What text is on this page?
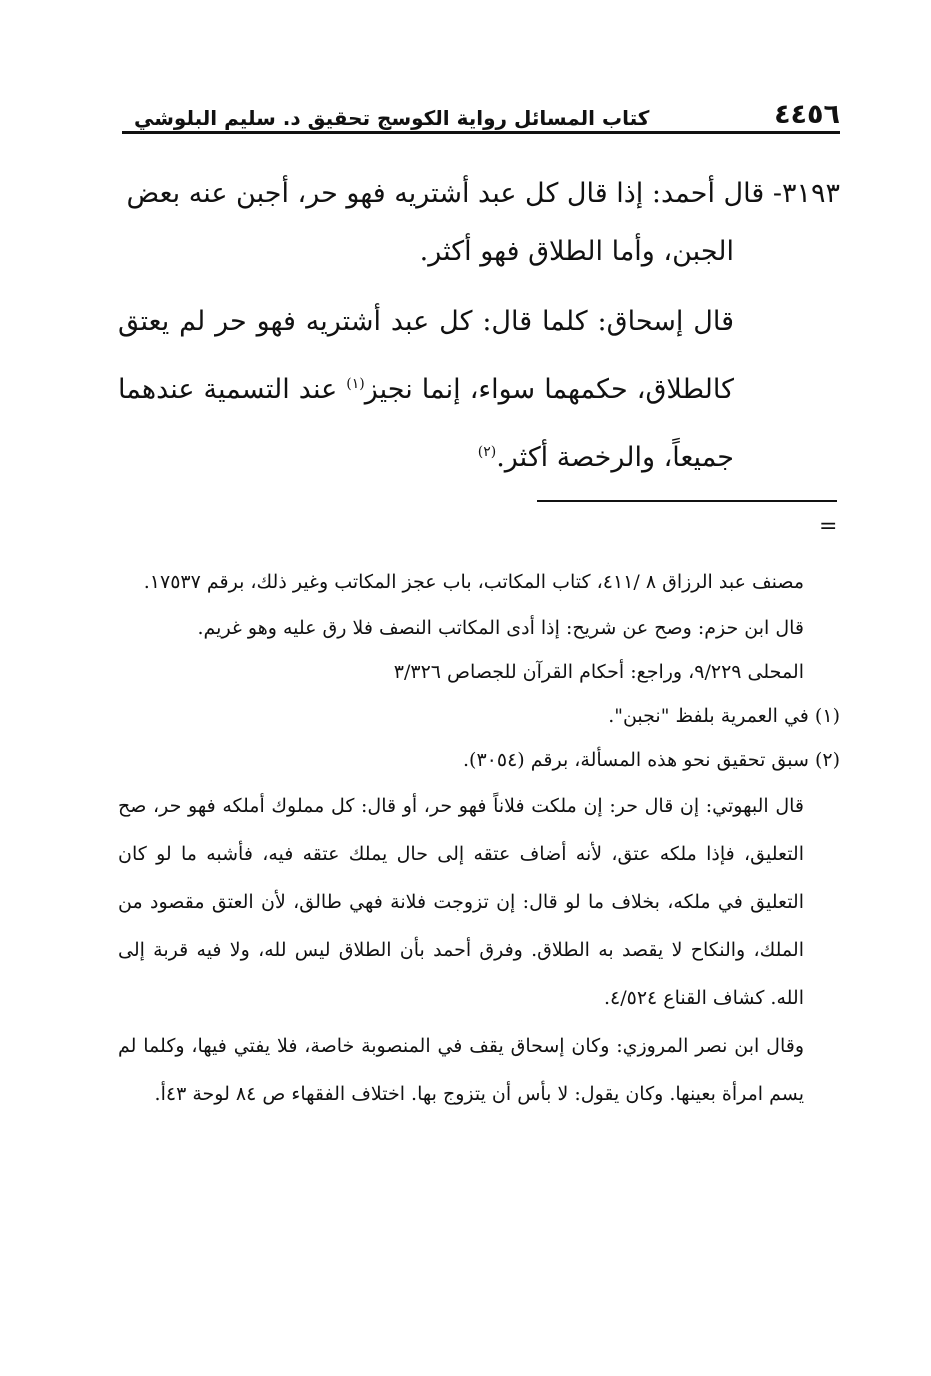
٤٤٥٦
كتاب المسائل رواية الكوسج تحقيق د. سليم البلوشي

٣١٩٣- قال أحمد: إذا قال كل عبد أشتريه فهو حر، أجبن عنه بعض
الجبن، وأما الطلاق فهو أكثر.

قال إسحاق: كلما قال: كل عبد أشتريه فهو حر لم يعتق كالطلاق، حكمهما سواء، إنما نجيز$^{(١)}$ عند التسمية عندهما جميعاً، والرخصة أكثر.$^{(٢)}$

=

مصنف عبد الرزاق ٨ /٤١١، كتاب المكاتب، باب عجز المكاتب وغير ذلك، برقم ١٧٥٣٧.

قال ابن حزم: وصح عن شريح: إذا أدى المكاتب النصف فلا رق عليه وهو غريم.

المحلى ٩/٢٢٩، وراجع: أحكام القرآن للجصاص ٣/٣٢٦

(١) في العمرية بلفظ "نجبن".

(٢) سبق تحقيق نحو هذه المسألة، برقم (٣٠٥٤).

قال البهوتي: إن قال حر: إن ملكت فلاناً فهو حر، أو قال: كل مملوك أملكه فهو حر، صح التعليق، فإذا ملكه عتق، لأنه أضاف عتقه إلى حال يملك عتقه فيه، فأشبه ما لو كان التعليق في ملكه، بخلاف ما لو قال: إن تزوجت فلانة فهي طالق، لأن العتق مقصود من الملك، والنكاح لا يقصد به الطلاق. وفرق أحمد بأن الطلاق ليس لله، ولا فيه قربة إلى الله. كشاف القناع ٤/٥٢٤.

وقال ابن نصر المروزي: وكان إسحاق يقف في المنصوبة خاصة، فلا يفتي فيها، وكلما لم يسم امرأة بعينها. وكان يقول: لا بأس أن يتزوج بها. اختلاف الفقهاء ص ٨٤ لوحة ٤٣أ.
